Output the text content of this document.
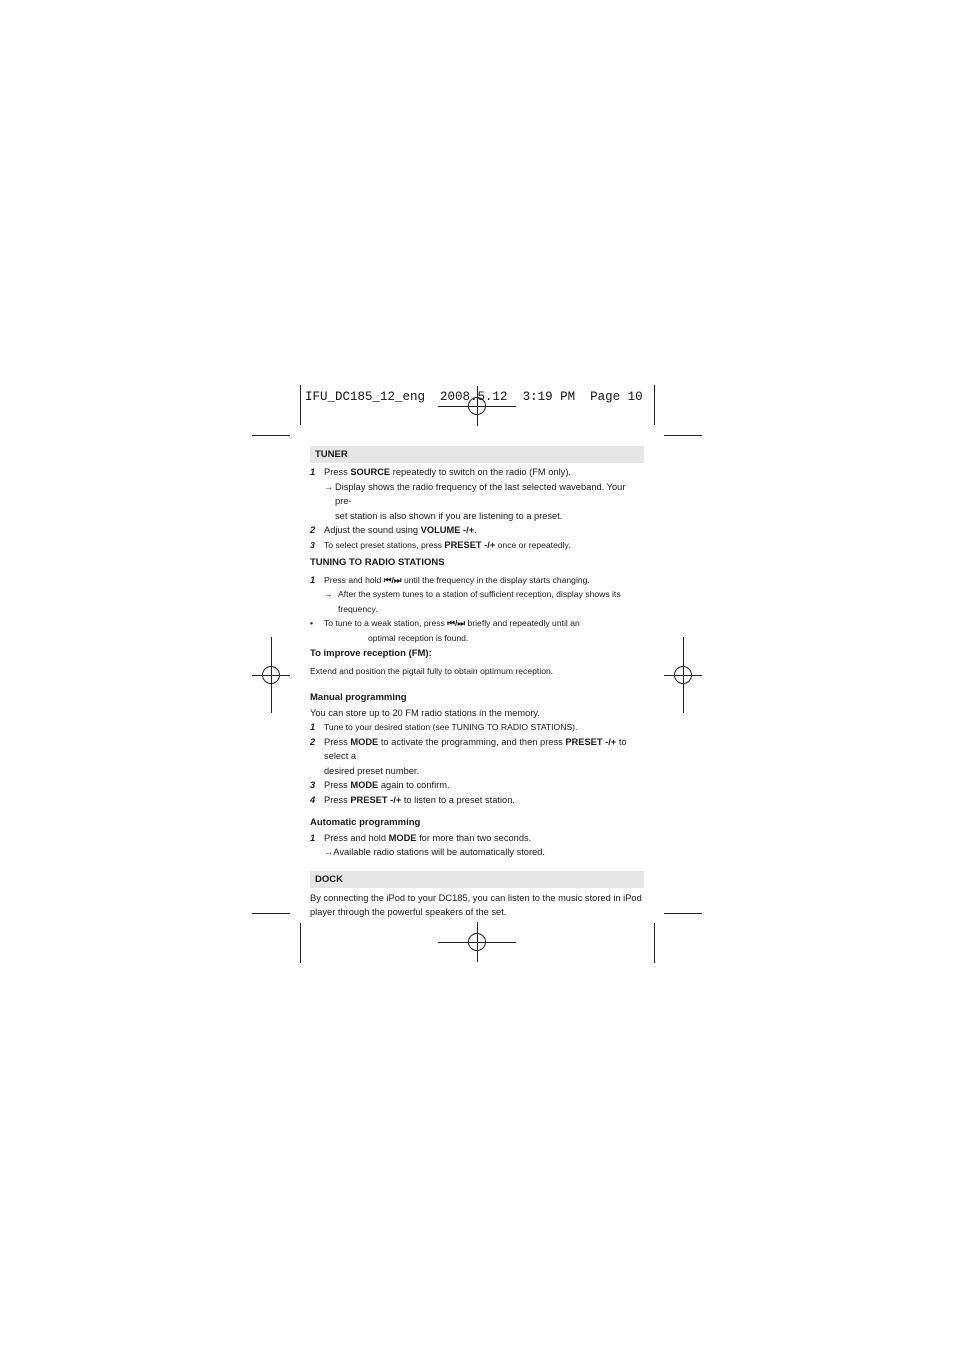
IFU_DC185_12_eng 2008.5.12 3:19 PM Page 10
TUNER
1 Press SOURCE repeatedly to switch on the radio (FM only).
→ Display shows the radio frequency of the last selected waveband. Your pre-
set station is also shown if you are listening to a preset.
2 Adjust the sound using VOLUME -/+.
3	To select preset stations, press PRESET -/+ once or repeatedly.
TUNING TO RADIO STATIONS
1	Press and hold ⏮/⏭ until the frequency in the display starts changing.
→ After the system tunes to a station of sufficient reception, display shows its
frequency.
•	To tune to a weak station, press ⏮/⏭ briefly and repeatedly until an
optimal reception is found.
To improve reception (FM):
Extend and position the pigtail fully to obtain optimum reception.
Manual programming
You can store up to 20 FM radio stations in the memory.
1	Tune to your desired station (see TUNING TO RADIO STATIONS).
2 Press MODE to activate the programming, and then press PRESET -/+ to select a
desired preset number.
3 Press MODE again to confirm.
4 Press PRESET -/+ to listen to a preset station.
Automatic programming
1 Press and hold MODE for more than two seconds.
→Available radio stations will be automatically stored.
DOCK
By connecting the iPod to your DC185, you can listen to the music stored in iPod
player through the powerful speakers of the set.
